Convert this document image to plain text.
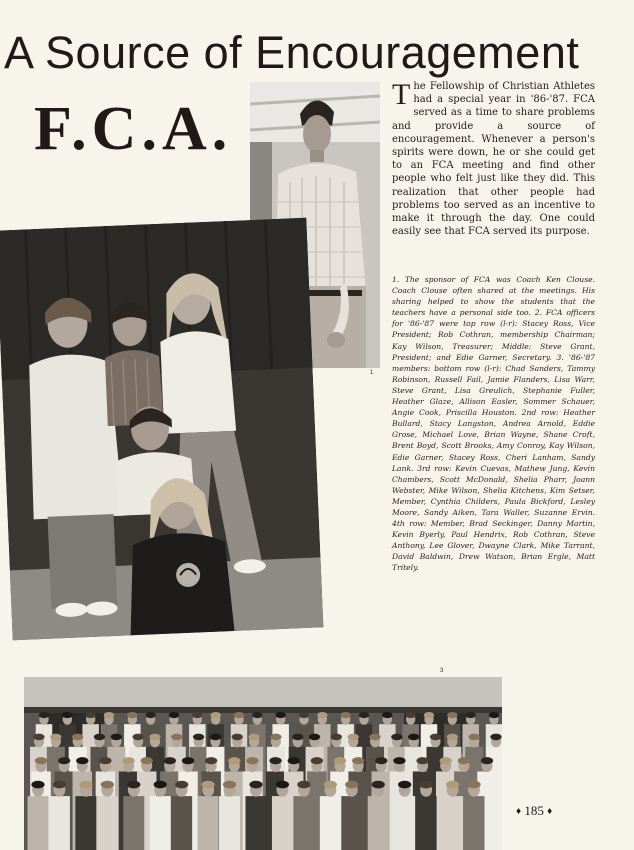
A Source of Encouragement
F.C.A.
1
2

The Fellowship of Christian Athletes had a special year in '86-'87. FCA served as a time to share problems and provide a source of encouragement. Whenever a person's spirits were down, he or she could get to an FCA meeting and find other people who felt just like they did. This realization that other people had problems too served as an incentive to make it through the day. One could easily see that FCA served its purpose.

1. The sponsor of FCA was Coach Ken Clouse. Coach Clouse often shared at the meetings. His sharing helped to show the students that the teachers have a personal side too. 2. FCA officers for '86-'87 were top row (l-r): Stacey Ross, Vice President; Rob Cothran, membership Chairman; Kay Wilson, Treasurer; Middle: Steve Grant, President; and Edie Garner, Secretary. 3. '86-'87 members: bottom row (l-r): Chad Sanders, Tammy Robinson, Russell Fail, Jamie Flanders, Lisa Warr, Steve Grant, Lisa Greulich, Stephanie Fuller, Heather Glaze, Allison Easler, Sommer Schauer, Angie Cook, Priscilla Houston. 2nd row: Heather Bullard, Stacy Langston, Andrea Arnold, Eddie Grose, Michael Love, Brian Wayne, Shane Croft, Brent Boyd, Scott Brooks, Amy Conroy, Kay Wilson, Edie Garner, Stacey Ross, Cheri Lanham, Sandy Lank. 3rd row: Kevin Cuevas, Mathew Jung, Kevin Chambers, Scott McDonald, Shelia Pharr, Joann Webster, Mike Wilson, Shelia Kitchens, Kim Setser, Member, Cynthia Childers, Paula Bickford, Lesley Moore, Sandy Aiken, Tara Waller, Suzanne Ervin. 4th row: Member, Brad Seckinger, Danny Martin, Kevin Byerly, Paul Hendrix, Rob Cothran, Steve Anthony, Lee Glover, Dwayne Clark, Mike Tarrant, David Baldwin, Drew Watson, Brian Ergle, Matt Tritely.

3
♦ 185 ♦
